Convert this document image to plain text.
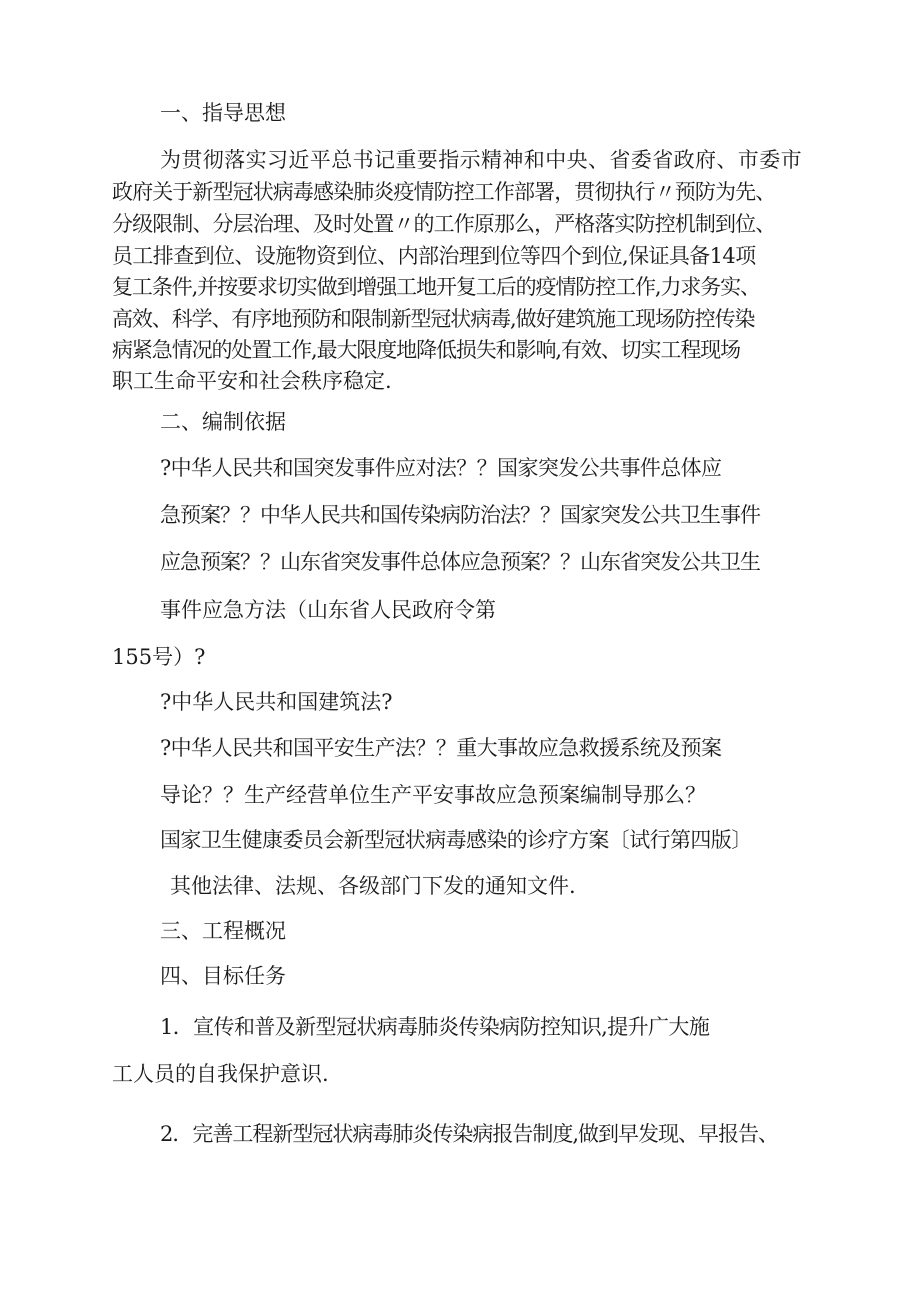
一、指导思想
为贯彻落实习近平总书记重要指示精神和中央、省委省政府、市委市
政府关于新型冠状病毒感染肺炎疫情防控工作部署，贯彻执行〃预防为先、
分级限制、分层治理、及时处置〃的工作原那么，严格落实防控机制到位、
员工排查到位、设施物资到位、内部治理到位等四个到位,保证具备14项
复工条件,并按要求切实做到增强工地开复工后的疫情防控工作,力求务实、
高效、科学、有序地预防和限制新型冠状病毒,做好建筑施工现场防控传染
病紧急情况的处置工作,最大限度地降低损失和影响,有效、切实工程现场
职工生命平安和社会秩序稳定.
二、编制依据
?中华人民共和国突发事件应对法？？国家突发公共事件总体应
急预案？？中华人民共和国传染病防治法？？国家突发公共卫生事件
应急预案？？山东省突发事件总体应急预案？？山东省突发公共卫生
事件应急方法（山东省人民政府令第
155号）?
?中华人民共和国建筑法?
?中华人民共和国平安生产法？？重大事故应急救援系统及预案
导论？？生产经营单位生产平安事故应急预案编制导那么？
国家卫生健康委员会新型冠状病毒感染的诊疗方案〔试行第四版〕
其他法律、法规、各级部门下发的通知文件.
三、工程概况
四、目标任务
1．宣传和普及新型冠状病毒肺炎传染病防控知识,提升广大施
工人员的自我保护意识.
2．完善工程新型冠状病毒肺炎传染病报告制度,做到早发现、早报告、
